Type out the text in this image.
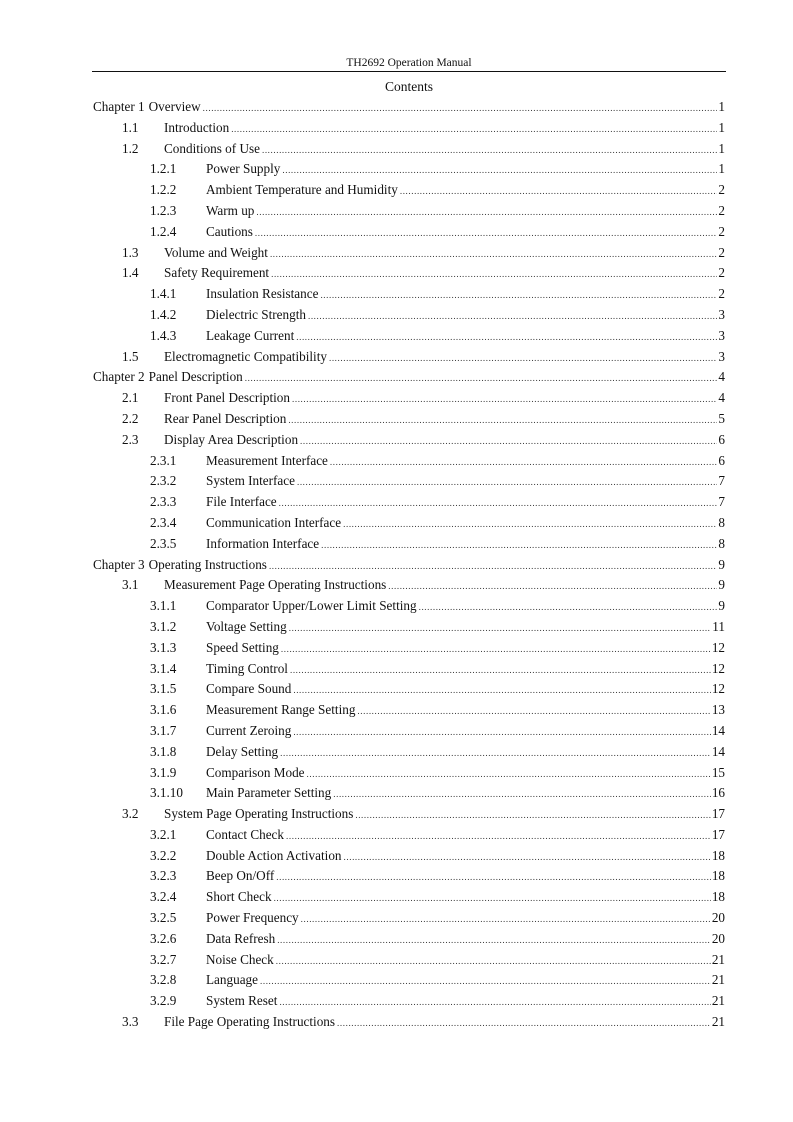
TH2692 Operation Manual
Contents
Chapter 1 Overview .....	1
1.1	Introduction .....	1
1.2	Conditions of Use .....	1
1.2.1	Power Supply .....	1
1.2.2	Ambient Temperature and Humidity .....	2
1.2.3	Warm up .....	2
1.2.4	Cautions .....	2
1.3	Volume and Weight .....	2
1.4	Safety Requirement .....	2
1.4.1	Insulation Resistance .....	2
1.4.2	Dielectric Strength .....	3
1.4.3	Leakage Current .....	3
1.5	Electromagnetic Compatibility .....	3
Chapter 2 Panel Description .....	4
2.1	Front Panel Description .....	4
2.2	Rear Panel Description .....	5
2.3	Display Area Description .....	6
2.3.1	Measurement Interface .....	6
2.3.2	System Interface .....	7
2.3.3	File Interface .....	7
2.3.4	Communication Interface .....	8
2.3.5	Information Interface .....	8
Chapter 3 Operating Instructions .....	9
3.1	Measurement Page Operating Instructions .....	9
3.1.1	Comparator Upper/Lower Limit Setting .....	9
3.1.2	Voltage Setting .....	11
3.1.3	Speed Setting .....	12
3.1.4	Timing Control .....	12
3.1.5	Compare Sound .....	12
3.1.6	Measurement Range Setting .....	13
3.1.7	Current Zeroing .....	14
3.1.8	Delay Setting .....	14
3.1.9	Comparison Mode .....	15
3.1.10	Main Parameter Setting .....	16
3.2	System Page Operating Instructions .....	17
3.2.1	Contact Check .....	17
3.2.2	Double Action Activation .....	18
3.2.3	Beep On/Off .....	18
3.2.4	Short Check .....	18
3.2.5	Power Frequency .....	20
3.2.6	Data Refresh .....	20
3.2.7	Noise Check .....	21
3.2.8	Language .....	21
3.2.9	System Reset .....	21
3.3	File Page Operating Instructions .....	21
